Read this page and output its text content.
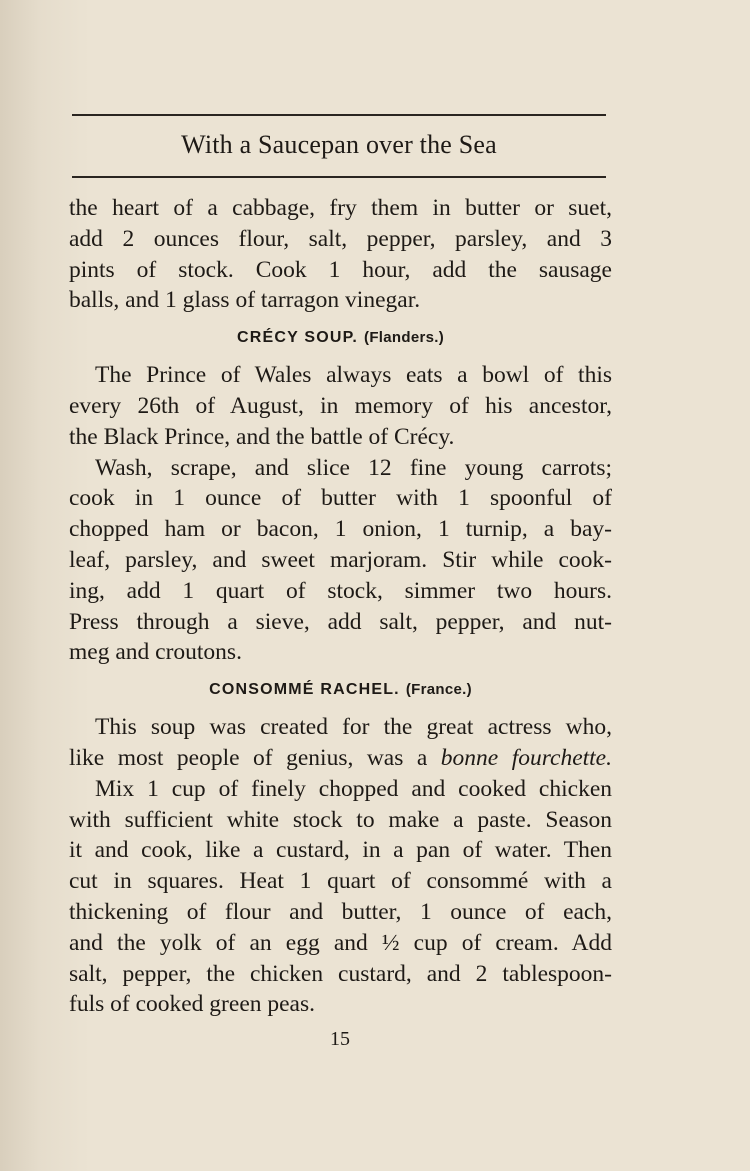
With a Saucepan over the Sea
the heart of a cabbage, fry them in butter or suet,
add 2 ounces flour, salt, pepper, parsley, and 3
pints of stock. Cook 1 hour, add the sausage
balls, and 1 glass of tarragon vinegar.
CRÉCY SOUP. (Flanders.)
The Prince of Wales always eats a bowl of this
every 26th of August, in memory of his ancestor,
the Black Prince, and the battle of Crécy.
Wash, scrape, and slice 12 fine young carrots;
cook in 1 ounce of butter with 1 spoonful of
chopped ham or bacon, 1 onion, 1 turnip, a bay-
leaf, parsley, and sweet marjoram. Stir while cook-
ing, add 1 quart of stock, simmer two hours.
Press through a sieve, add salt, pepper, and nut-
meg and croutons.
CONSOMMÉ RACHEL. (France.)
This soup was created for the great actress who,
like most people of genius, was a bonne fourchette.
Mix 1 cup of finely chopped and cooked chicken
with sufficient white stock to make a paste. Season
it and cook, like a custard, in a pan of water. Then
cut in squares. Heat 1 quart of consommé with a
thickening of flour and butter, 1 ounce of each,
and the yolk of an egg and ½ cup of cream. Add
salt, pepper, the chicken custard, and 2 tablespoon-
fuls of cooked green peas.
15
